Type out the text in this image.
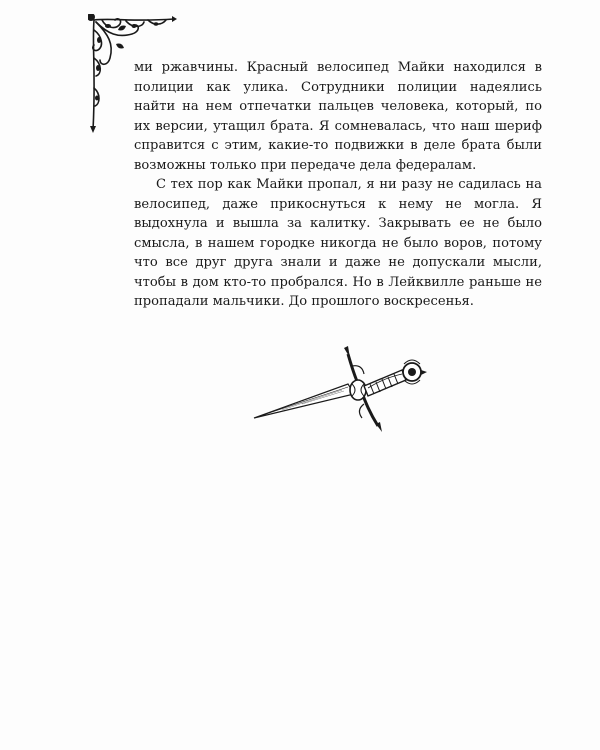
ми ржавчины. Красный велосипед Майки находился в полиции как улика. Сотрудники полиции надеялись найти на нем отпечатки пальцев человека, который, по их версии, утащил брата. Я сомневалась, что наш шериф справится с этим, какие-то подвижки в деле брата были возможны только при передаче дела федералам.

С тех пор как Майки пропал, я ни разу не садилась на велосипед, даже прикоснуться к нему не могла. Я выдохнула и вышла за калитку. Закрывать ее не было смысла, в нашем городке никогда не было воров, потому что все друг друга знали и даже не допускали мысли, чтобы в дом кто-то пробрался. Но в Лейквилле раньше не пропадали мальчики. До прошлого воскресенья.
